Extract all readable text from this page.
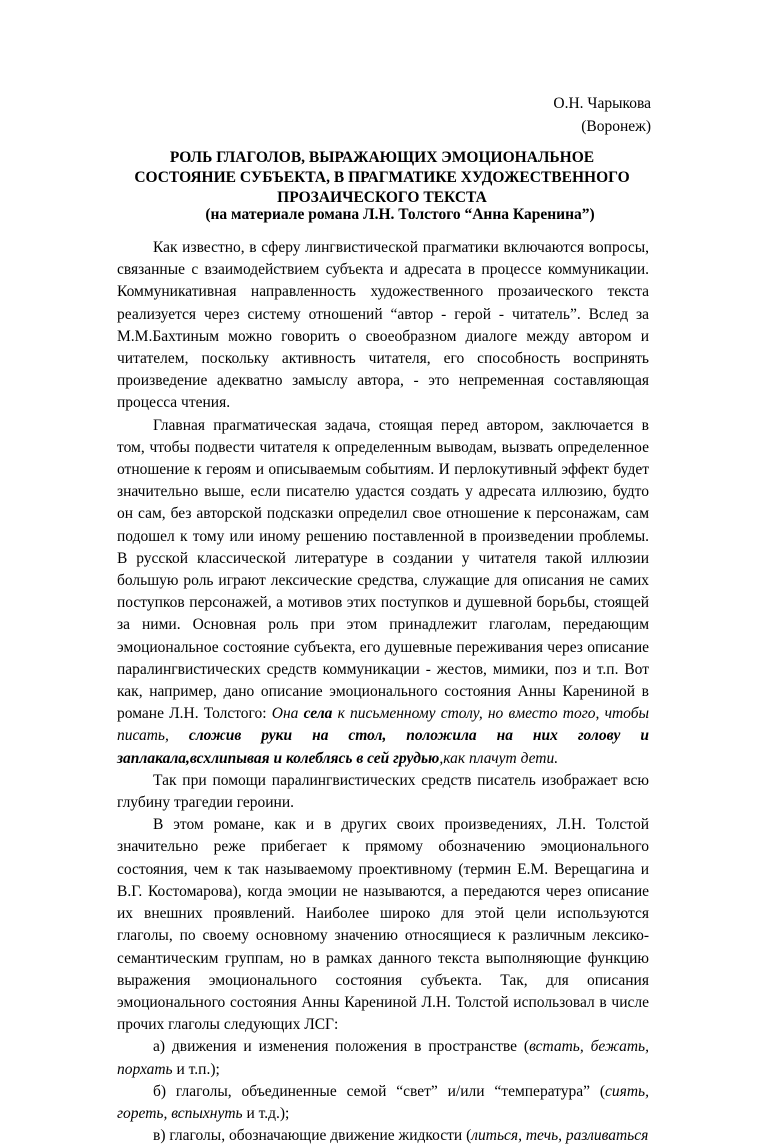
О.Н. Чарыкова
(Воронеж)
РОЛЬ ГЛАГОЛОВ, ВЫРАЖАЮЩИХ ЭМОЦИОНАЛЬНОЕ
СОСТОЯНИЕ СУБЪЕКТА, В ПРАГМАТИКЕ ХУДОЖЕСТВЕННОГО
ПРОЗАИЧЕСКОГО ТЕКСТА
(на материале романа Л.Н. Толстого “Анна Каренина”)

Как известно, в сферу лингвистической прагматики включаются вопросы, связанные с взаимодействием субъекта и адресата в процессе коммуникации. Коммуникативная направленность художественного прозаического текста реализуется через систему отношений “автор - герой - читатель”. Вслед за М.М.Бахтиным можно говорить о своеобразном диалоге между автором и читателем, поскольку активность читателя, его способность воспринять произведение адекватно замыслу автора, - это непременная составляющая процесса чтения.

Главная прагматическая задача, стоящая перед автором, заключается в том, чтобы подвести читателя к определенным выводам, вызвать определенное отношение к героям и описываемым событиям. И перлокутивный эффект будет значительно выше, если писателю удастся создать у адресата иллюзию, будто он сам, без авторской подсказки определил свое отношение к персонажам, сам подошел к тому или иному решению поставленной в произведении проблемы. В русской классической литературе в создании у читателя такой иллюзии большую роль играют лексические средства, служащие для описания не самих поступков персонажей, а мотивов этих поступков и душевной борьбы, стоящей за ними. Основная роль при этом принадлежит глаголам, передающим эмоциональное состояние субъекта, его душевные переживания через описание паралингвистических средств коммуникации - жестов, мимики, поз и т.п. Вот как, например, дано описание эмоционального состояния Анны Карениной в романе Л.Н. Толстого: Она села к письменному столу, но вместо того, чтобы писать, сложив руки на стол, положила на них голову и заплакала,всхлипывая и колеблясь в сей грудью,как плачут дети.

Так при помощи паралингвистических средств писатель изображает всю глубину трагедии героини.

В этом романе, как и в других своих произведениях, Л.Н. Толстой значительно реже прибегает к прямому обозначению эмоционального состояния, чем к так называемому проективному (термин Е.М. Верещагина и В.Г. Костомарова), когда эмоции не называются, а передаются через описание их внешних проявлений. Наиболее широко для этой цели используются глаголы, по своему основному значению относящиеся к различным лексико-семантическим группам, но в рамках данного текста выполняющие функцию выражения эмоционального состояния субъекта. Так, для описания эмоционального состояния Анны Карениной Л.Н. Толстой использовал в числе прочих глаголы следующих ЛСГ:

а) движения и изменения положения в пространстве (встать, бежать, порхать и т.п.);

б) глаголы, объединенные семой “свет” и/или “температура” (сиять, гореть, вспыхнуть и т.д.);

в) глаголы, обозначающие движение жидкости (литься, течь, разливаться
